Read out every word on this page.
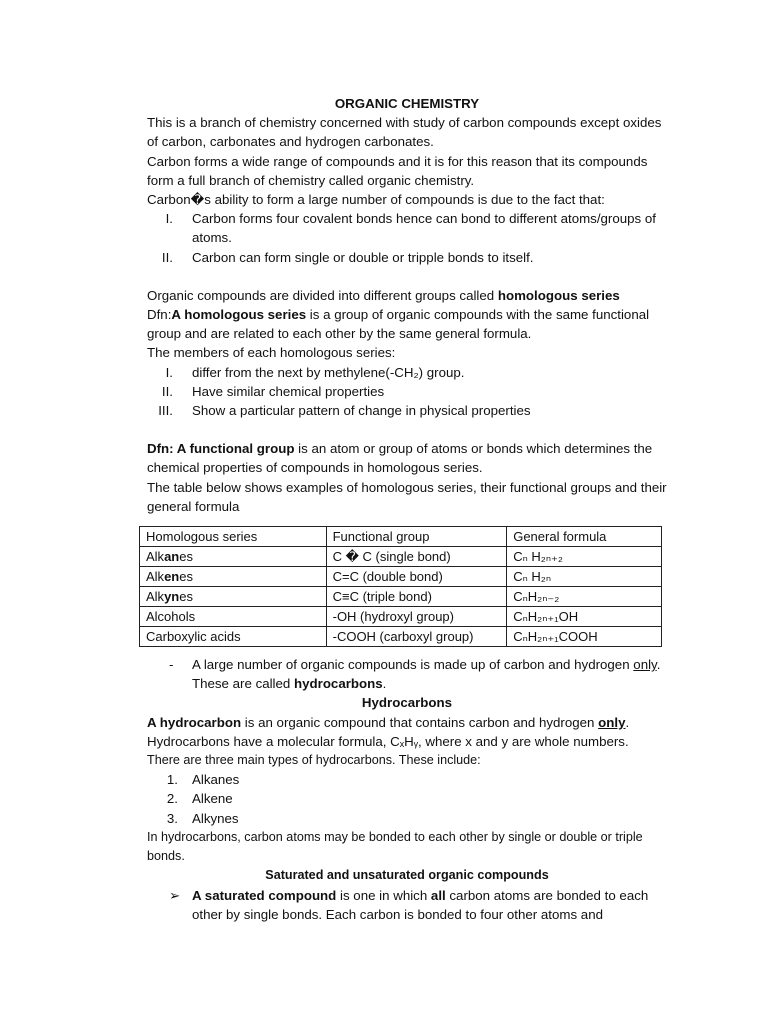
ORGANIC CHEMISTRY

This is a branch of chemistry concerned with study of carbon compounds except oxides of carbon, carbonates and hydrogen carbonates.

Carbon forms a wide range of compounds and it is for this reason that its compounds form a full branch of chemistry called organic chemistry.

Carbon�s ability to form a large number of compounds is due to the fact that:

I. Carbon forms four covalent bonds hence can bond to different atoms/groups of atoms.
II. Carbon can form single or double or tripple bonds to itself.

Organic compounds are divided into different groups called homologous series

Dfn:A homologous series is a group of organic compounds with the same functional group and are related to each other by the same general formula.

The members of each homologous series:

I. differ from the next by methylene(-CH₂) group.
II. Have similar chemical properties
III. Show a particular pattern of change in physical properties

Dfn: A functional group is an atom or group of atoms or bonds which determines the chemical properties of compounds in homologous series.

The table below shows examples of homologous series, their functional groups and their general formula

Homologous series	Functional group	General formula
Alkanes	C � C (single bond)	Cₙ H₂ₙ₊₂
Alkenes	C=C (double bond)	Cₙ H₂ₙ
Alkynes	C≡C (triple bond)	CₙH₂ₙ₋₂
Alcohols	-OH (hydroxyl group)	CₙH₂ₙ₊₁OH
Carboxylic acids	-COOH (carboxyl group)	CₙH₂ₙ₊₁COOH
- A large number of organic compounds is made up of carbon and hydrogen only. These are called hydrocarbons.

Hydrocarbons

A hydrocarbon is an organic compound that contains carbon and hydrogen only.

Hydrocarbons have a molecular formula, CₓHᵧ, where x and y are whole numbers.

There are three main types of hydrocarbons. These include:

1. Alkanes
2. Alkene
3. Alkynes

In hydrocarbons, carbon atoms may be bonded to each other by single or double or triple bonds.

Saturated and unsaturated organic compounds

➢ A saturated compound is one in which all carbon atoms are bonded to each other by single bonds. Each carbon is bonded to four other atoms and
